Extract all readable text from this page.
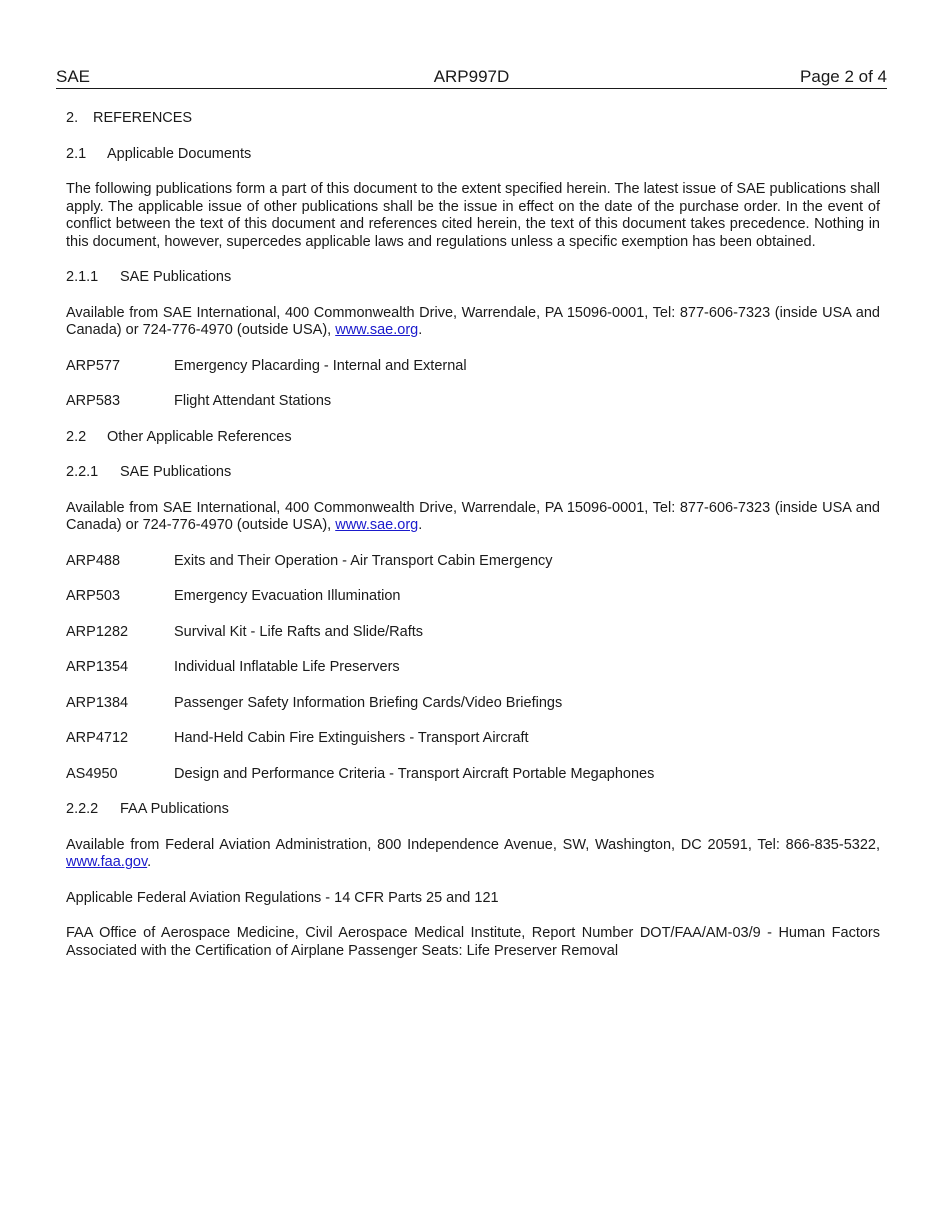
SAE	ARP997D	Page 2 of 4
2. REFERENCES
2.1 Applicable Documents

The following publications form a part of this document to the extent specified herein. The latest issue of SAE publications shall apply. The applicable issue of other publications shall be the issue in effect on the date of the purchase order. In the event of conflict between the text of this document and references cited herein, the text of this document takes precedence. Nothing in this document, however, supercedes applicable laws and regulations unless a specific exemption has been obtained.

2.1.1 SAE Publications

Available from SAE International, 400 Commonwealth Drive, Warrendale, PA 15096-0001, Tel: 877-606-7323 (inside USA and Canada) or 724-776-4970 (outside USA), www.sae.org.

ARP577	Emergency Placarding - Internal and External
ARP583	Flight Attendant Stations
2.2 Other Applicable References
2.2.1 SAE Publications

Available from SAE International, 400 Commonwealth Drive, Warrendale, PA 15096-0001, Tel: 877-606-7323 (inside USA and Canada) or 724-776-4970 (outside USA), www.sae.org.

ARP488	Exits and Their Operation - Air Transport Cabin Emergency
ARP503	Emergency Evacuation Illumination
ARP1282	Survival Kit - Life Rafts and Slide/Rafts
ARP1354	Individual Inflatable Life Preservers
ARP1384	Passenger Safety Information Briefing Cards/Video Briefings
ARP4712	Hand-Held Cabin Fire Extinguishers - Transport Aircraft
AS4950	Design and Performance Criteria - Transport Aircraft Portable Megaphones
2.2.2 FAA Publications

Available from Federal Aviation Administration, 800 Independence Avenue, SW, Washington, DC 20591, Tel: 866-835-5322, www.faa.gov.

Applicable Federal Aviation Regulations - 14 CFR Parts 25 and 121

FAA Office of Aerospace Medicine, Civil Aerospace Medical Institute, Report Number DOT/FAA/AM-03/9 - Human Factors Associated with the Certification of Airplane Passenger Seats: Life Preserver Removal
